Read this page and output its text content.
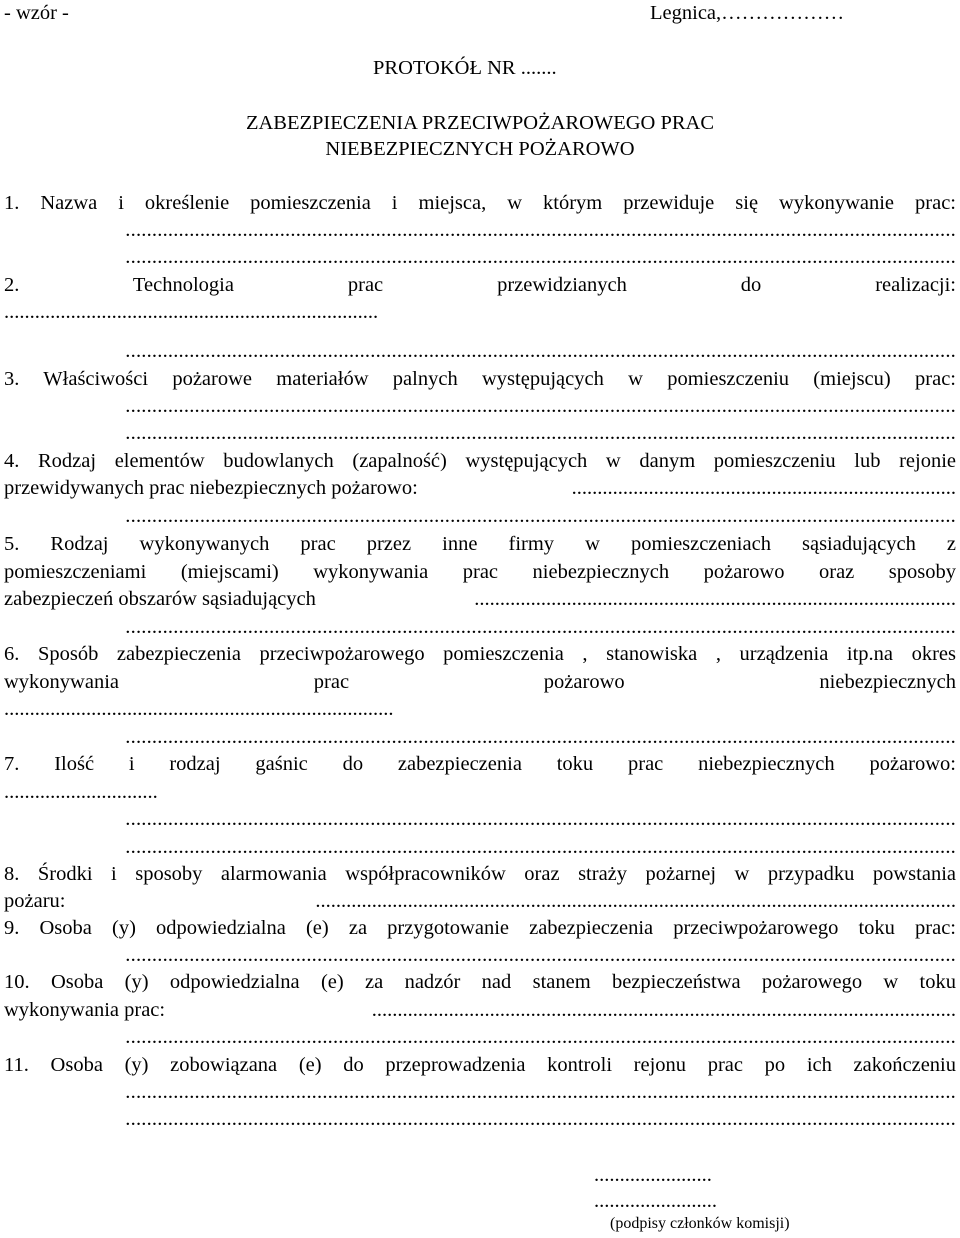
- wzór -	Legnica,………………
PROTOKÓŁ NR .......
ZABEZPIECZENIA PRZECIWPOŻAROWEGO PRAC
NIEBEZPIECZNYCH POŻAROWO
1. Nazwa i określenie pomieszczenia i miejsca, w którym przewiduje się wykonywanie prac:
............................................................................................................................................................
............................................................................................................................................................
2. Technologia prac przewidzianych do realizacji:
.........................................................................
............................................................................................................................................................
3. Właściwości pożarowe materiałów palnych występujących w pomieszczeniu (miejscu) prac:
............................................................................................................................................................
............................................................................................................................................................
4. Rodzaj elementów budowlanych (zapalność) występujących w danym pomieszczeniu lub rejonie
przewidywanych prac niebezpiecznych pożarowo:	...........................................................................
............................................................................................................................................................
5. Rodzaj wykonywanych prac przez inne firmy w pomieszczeniach sąsiadujących z
pomieszczeniami (miejscami) wykonywania prac niebezpiecznych pożarowo oraz sposoby
zabezpieczeń obszarów sąsiadujących	..............................................................................................
............................................................................................................................................................
6. Sposób zabezpieczenia przeciwpożarowego pomieszczenia , stanowiska , urządzenia itp.na okres
wykonywania prac pożarowo niebezpiecznych
............................................................................
............................................................................................................................................................
7. Ilość i rodzaj gaśnic do zabezpieczenia toku prac niebezpiecznych pożarowo:
..............................
............................................................................................................................................................
............................................................................................................................................................
8. Środki i sposoby alarmowania współpracowników oraz straży pożarnej w przypadku powstania
pożaru:	.............................................................................................................................
9. Osoba (y) odpowiedzialna (e) za przygotowanie zabezpieczenia przeciwpożarowego toku prac:
............................................................................................................................................................
10. Osoba (y) odpowiedzialna (e) za nadzór nad stanem bezpieczeństwa pożarowego w toku
wykonywania prac:	..................................................................................................................
............................................................................................................................................................
11. Osoba (y) zobowiązana (e) do przeprowadzenia kontroli rejonu prac po ich zakończeniu
............................................................................................................................................................
............................................................................................................................................................
.......................
........................
(podpisy członków komisji)
